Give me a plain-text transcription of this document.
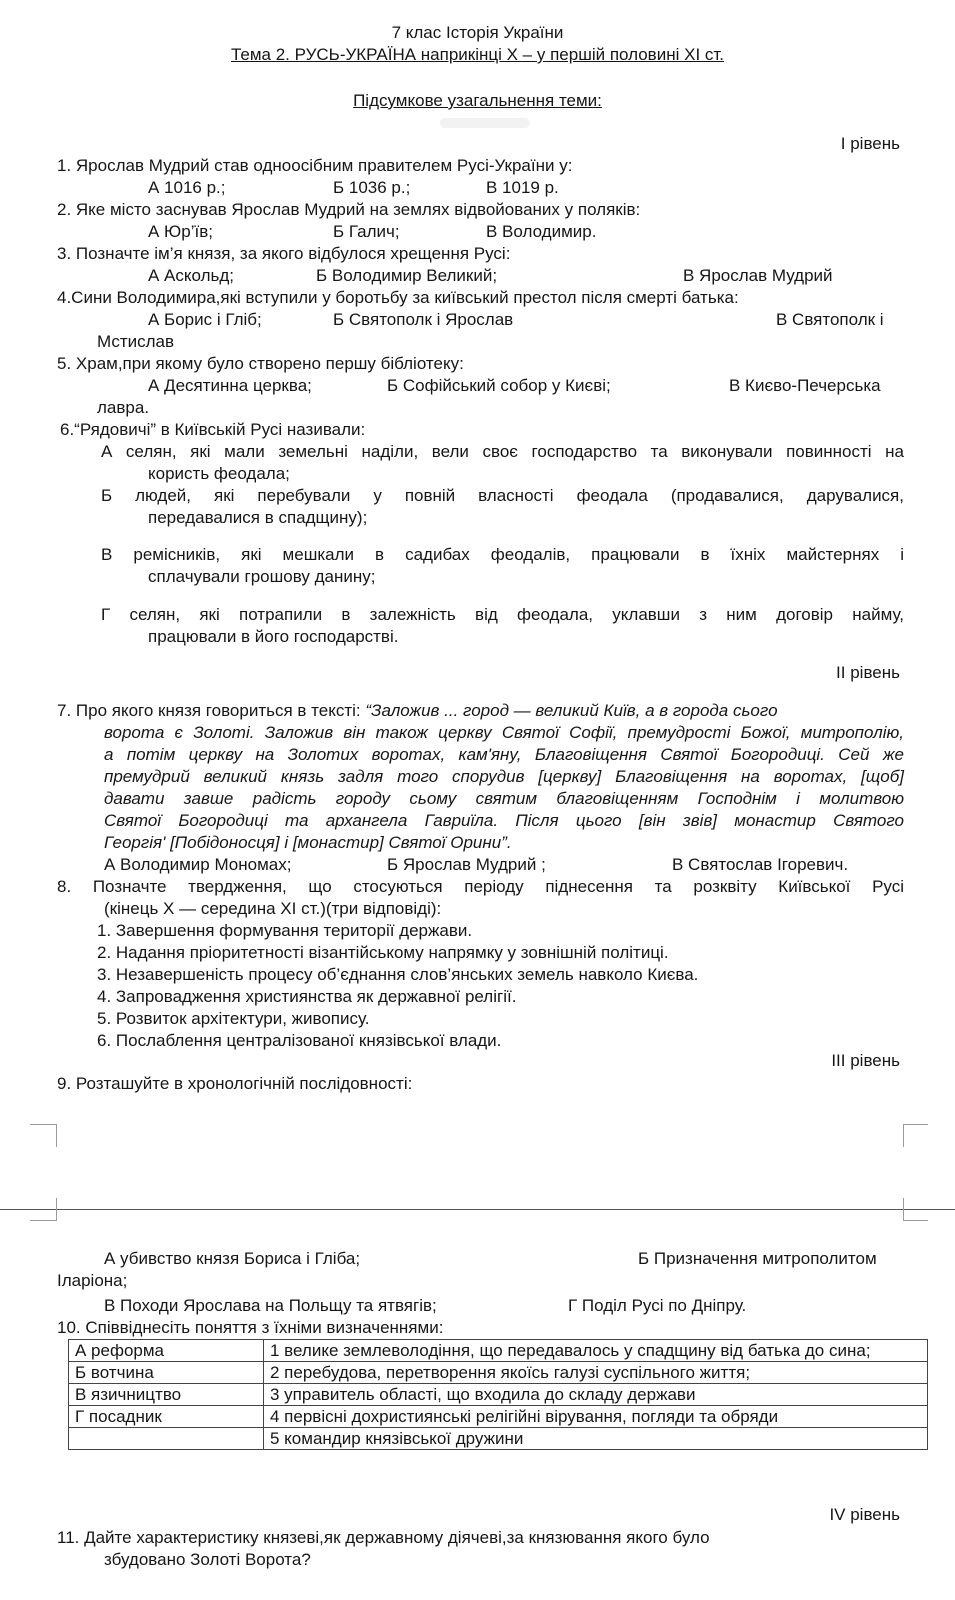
7 клас Історія України
Тема 2. РУСЬ-УКРАЇНА наприкінці Х – у першій половині ХІ ст.
Підсумкове узагальнення теми:
І рівень
1. Ярослав Мудрий став одноосібним правителем Русі-України у:
А 1016 р.;	Б 1036 р.;	В 1019 р.
2. Яке місто заснував Ярослав Мудрий на землях відвойованих у поляків:
А Юр’їв;	Б Галич;	В Володимир.
3. Позначте ім’я князя, за якого відбулося хрещення Русі:
А Аскольд;	Б Володимир Великий;	В Ярослав Мудрий
4.Сини Володимира,які вступили у боротьбу за київський престол після смерті батька:
А Борис і Гліб;	Б Святополк і Ярослав	В Святополк і
Мстислав
5. Храм,при якому було створено першу бібліотеку:
А Десятинна церква;	Б Софійський собор у Києві;	В Києво-Печерська
лавра.
6.“Рядовичі” в Київській Русі називали:
А селян, які мали земельні наділи, вели своє господарство та виконували повинності на
користь феодала;
Б людей, які перебували у повній власності феодала (продавалися, дарувалися,
передавалися в спадщину);
В ремісників, які мешкали в садибах феодалів, працювали в їхніх майстернях і
сплачували грошову данину;
Г селян, які потрапили в залежність від феодала, уклавши з ним договір найму,
працювали в його господарстві.
ІІ рівень
7. Про якого князя говориться в тексті: “Заложив ... город — великий Київ, а в города сього
ворота є Золоті. Заложив він також церкву Святої Софії, премудрості Божої, митрополію,
а потім церкву на Золотих воротах, кам'яну, Благовіщення Святої Богородиці. Сей же
премудрий великий князь задля того спорудив [церкву] Благовіщення на воротах, [щоб]
давати завше радість городу сьому святим благовіщенням Господнім і молитвою
Святої Богородиці та архангела Гавриїла. Після цього [він звів] монастир Святого
Георгія' [Побідоносця] і [монастир] Святої Орини”.
А Володимир Мономах;	Б Ярослав Мудрий ;	В Святослав Ігоревич.
8. Позначте твердження, що стосуються періоду піднесення та розквіту Київської Русі
(кінець X — середина XI ст.)(три відповіді):
1. Завершення формування території держави.
2. Надання пріоритетності візантійському напрямку у зовнішній політиці.
3. Незавершеність процесу об’єднання слов’янських земель навколо Києва.
4. Запровадження християнства як державної релігії.
5. Розвиток архітектури, живопису.
6. Послаблення централізованої князівської влади.
ІІІ рівень
9. Розташуйте в хронологічній послідовності:
А убивство князя Бориса і Гліба;	Б Призначення митрополитом
Іларіона;
В Походи Ярослава на Польщу та ятвягів;	Г Поділ Русі по Дніпру.
10. Співвіднесіть поняття з їхніми визначеннями:
А реформа	1 велике землеволодіння, що передавалось у спадщину від батька до сина;
Б вотчина	2 перебудова, перетворення якоїсь галузі суспільного життя;
В язичництво	3 управитель області, що входила до складу держави
Г посадник	4 первісні дохристиянські релігійні вірування, погляди та обряди
	5 командир князівської дружини
ІV рівень
11. Дайте характеристику князеві,як державному діячеві,за князювання якого було
збудовано Золоті Ворота?
